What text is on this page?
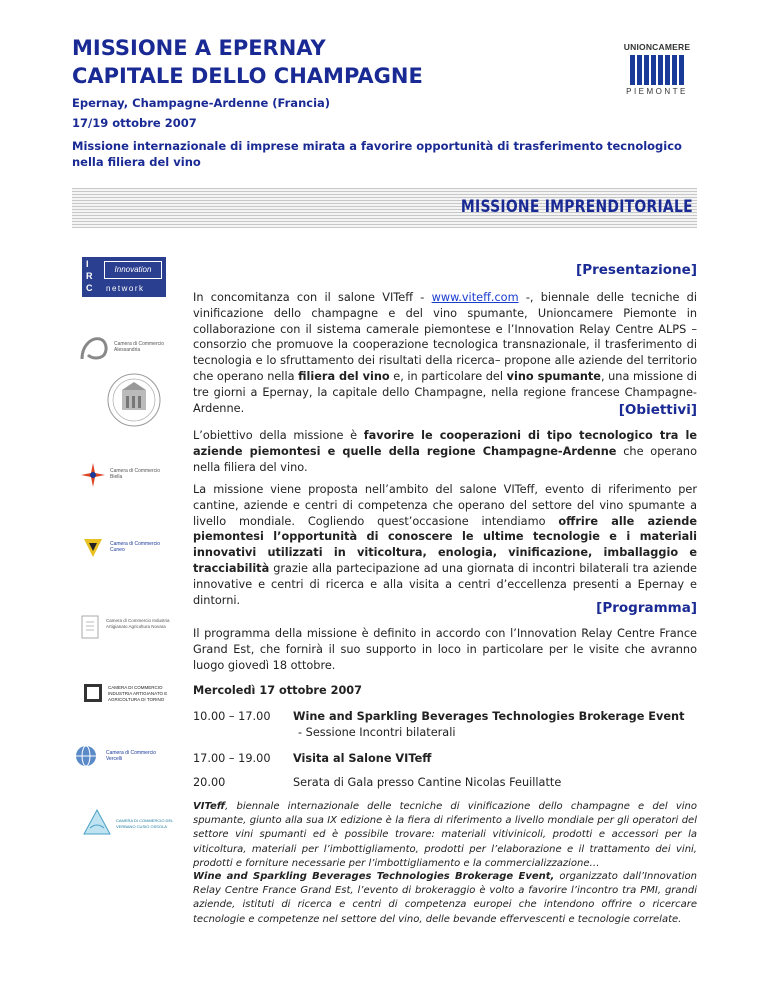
MISSIONE A EPERNAY
CAPITALE DELLO CHAMPAGNE
Epernay, Champagne-Ardenne (Francia)
17/19 ottobre 2007
Missione internazionale di imprese mirata a favorire opportunità di trasferimento tecnologico nella filiera del vino
UNIONCAMERE
PIEMONTE
MISSIONE IMPRENDITORIALE
I
R
C
Innovation
network
Camera di Commercio Alessandria
Camera di Commercio Biella
Camera di Commercio Cuneo
Camera di Commercio Industria Artigianato Agricoltura Novara
CAMERA DI COMMERCIO INDUSTRIA ARTIGIANATO E AGRICOLTURA DI TORINO
Camera di Commercio Vercelli
CAMERA DI COMMERCIO DEL VERBANO CUSIO OSSOLA
[Presentazione]
In concomitanza con il salone VITeff - www.viteff.com -, biennale delle tecniche di vinificazione dello champagne e del vino spumante, Unioncamere Piemonte in collaborazione con il sistema camerale piemontese e l’Innovation Relay Centre ALPS –consorzio che promuove la cooperazione tecnologica transnazionale, il trasferimento di tecnologia e lo sfruttamento dei risultati della ricerca– propone alle aziende del territorio che operano nella filiera del vino e, in particolare del vino spumante, una missione di tre giorni a Epernay, la capitale dello Champagne, nella regione francese Champagne-Ardenne.	[Obiettivi]
L’obiettivo della missione è favorire le cooperazioni di tipo tecnologico tra le aziende piemontesi e quelle della regione Champagne-Ardenne che operano nella filiera del vino.
La missione viene proposta nell’ambito del salone VITeff, evento di riferimento per cantine, aziende e centri di competenza che operano del settore del vino spumante a livello mondiale. Cogliendo quest’occasione intendiamo offrire alle aziende piemontesi l’opportunità di conoscere le ultime tecnologie e i materiali innovativi utilizzati in viticoltura, enologia, vinificazione, imballaggio e tracciabilità grazie alla partecipazione ad una giornata di incontri bilaterali tra aziende innovative e centri di ricerca e alla visita a centri d’eccellenza presenti a Epernay e dintorni.	[Programma]
Il programma della missione è definito in accordo con l’Innovation Relay Centre France Grand Est, che fornirà il suo supporto in loco in particolare per le visite che avranno luogo giovedì 18 ottobre.
Mercoledì 17 ottobre 2007
10.00 – 17.00 Wine and Sparkling Beverages Technologies Brokerage Event
- Sessione Incontri bilaterali
17.00 – 19.00 Visita al Salone VITeff
20.00	Serata di Gala presso Cantine Nicolas Feuillatte
VITeff, biennale internazionale delle tecniche di vinificazione dello champagne e del vino spumante, giunto alla sua IX edizione è la fiera di riferimento a livello mondiale per gli operatori del settore vini spumanti ed è possibile trovare: materiali vitivinicoli, prodotti e accessori per la viticoltura, materiali per l’imbottigliamento, prodotti per l’elaborazione e il trattamento dei vini, prodotti e forniture necessarie per l’imbottigliamento e la commercializzazione…
Wine and Sparkling Beverages Technologies Brokerage Event, organizzato dall’Innovation Relay Centre France Grand Est, l’evento di brokeraggio è volto a favorire l’incontro tra PMI, grandi aziende, istituti di ricerca e centri di competenza europei che intendono offrire o ricercare tecnologie e competenze nel settore del vino, delle bevande effervescenti e tecnologie correlate.
